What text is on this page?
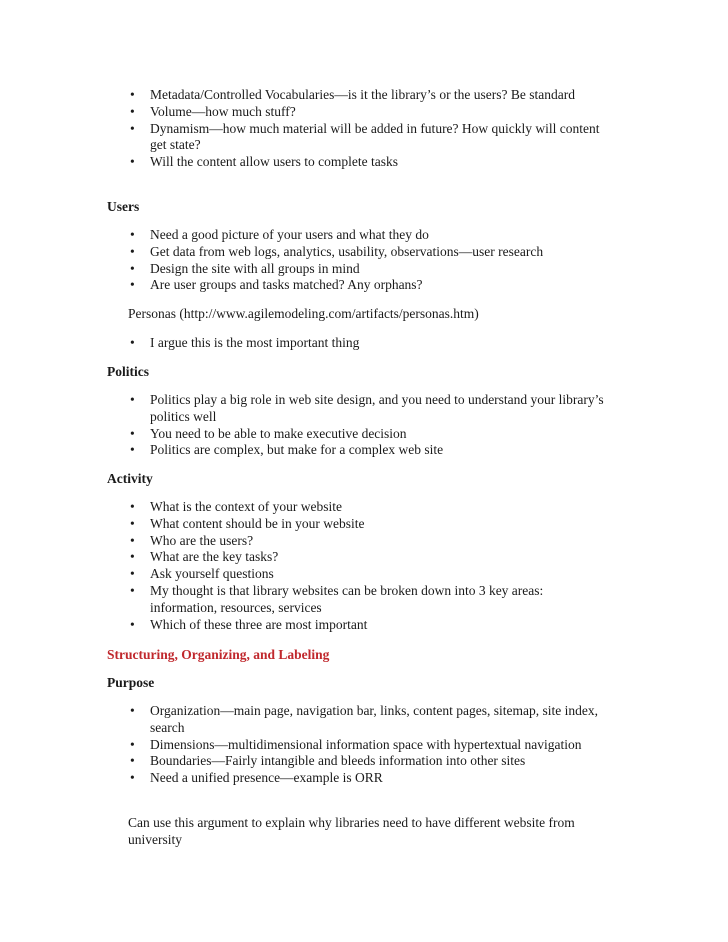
• Metadata/Controlled Vocabularies—is it the library’s or the users? Be standard
• Volume—how much stuff?
• Dynamism—how much material will be added in future? How quickly will content get state?
• Will the content allow users to complete tasks
Users
• Need a good picture of your users and what they do
• Get data from web logs, analytics, usability, observations—user research
• Design the site with all groups in mind
• Are user groups and tasks matched? Any orphans?
Personas (http://www.agilemodeling.com/artifacts/personas.htm)
• I argue this is the most important thing
Politics
• Politics play a big role in web site design, and you need to understand your library’s politics well
• You need to be able to make executive decision
• Politics are complex, but make for a complex web site
Activity
• What is the context of your website
• What content should be in your website
• Who are the users?
• What are the key tasks?
• Ask yourself questions
• My thought is that library websites can be broken down into 3 key areas: information, resources, services
• Which of these three are most important
Structuring, Organizing, and Labeling
Purpose
• Organization—main page, navigation bar, links, content pages, sitemap, site index, search
• Dimensions—multidimensional information space with hypertextual navigation
• Boundaries—Fairly intangible and bleeds information into other sites
• Need a unified presence—example is ORR
Can use this argument to explain why libraries need to have different website from university
